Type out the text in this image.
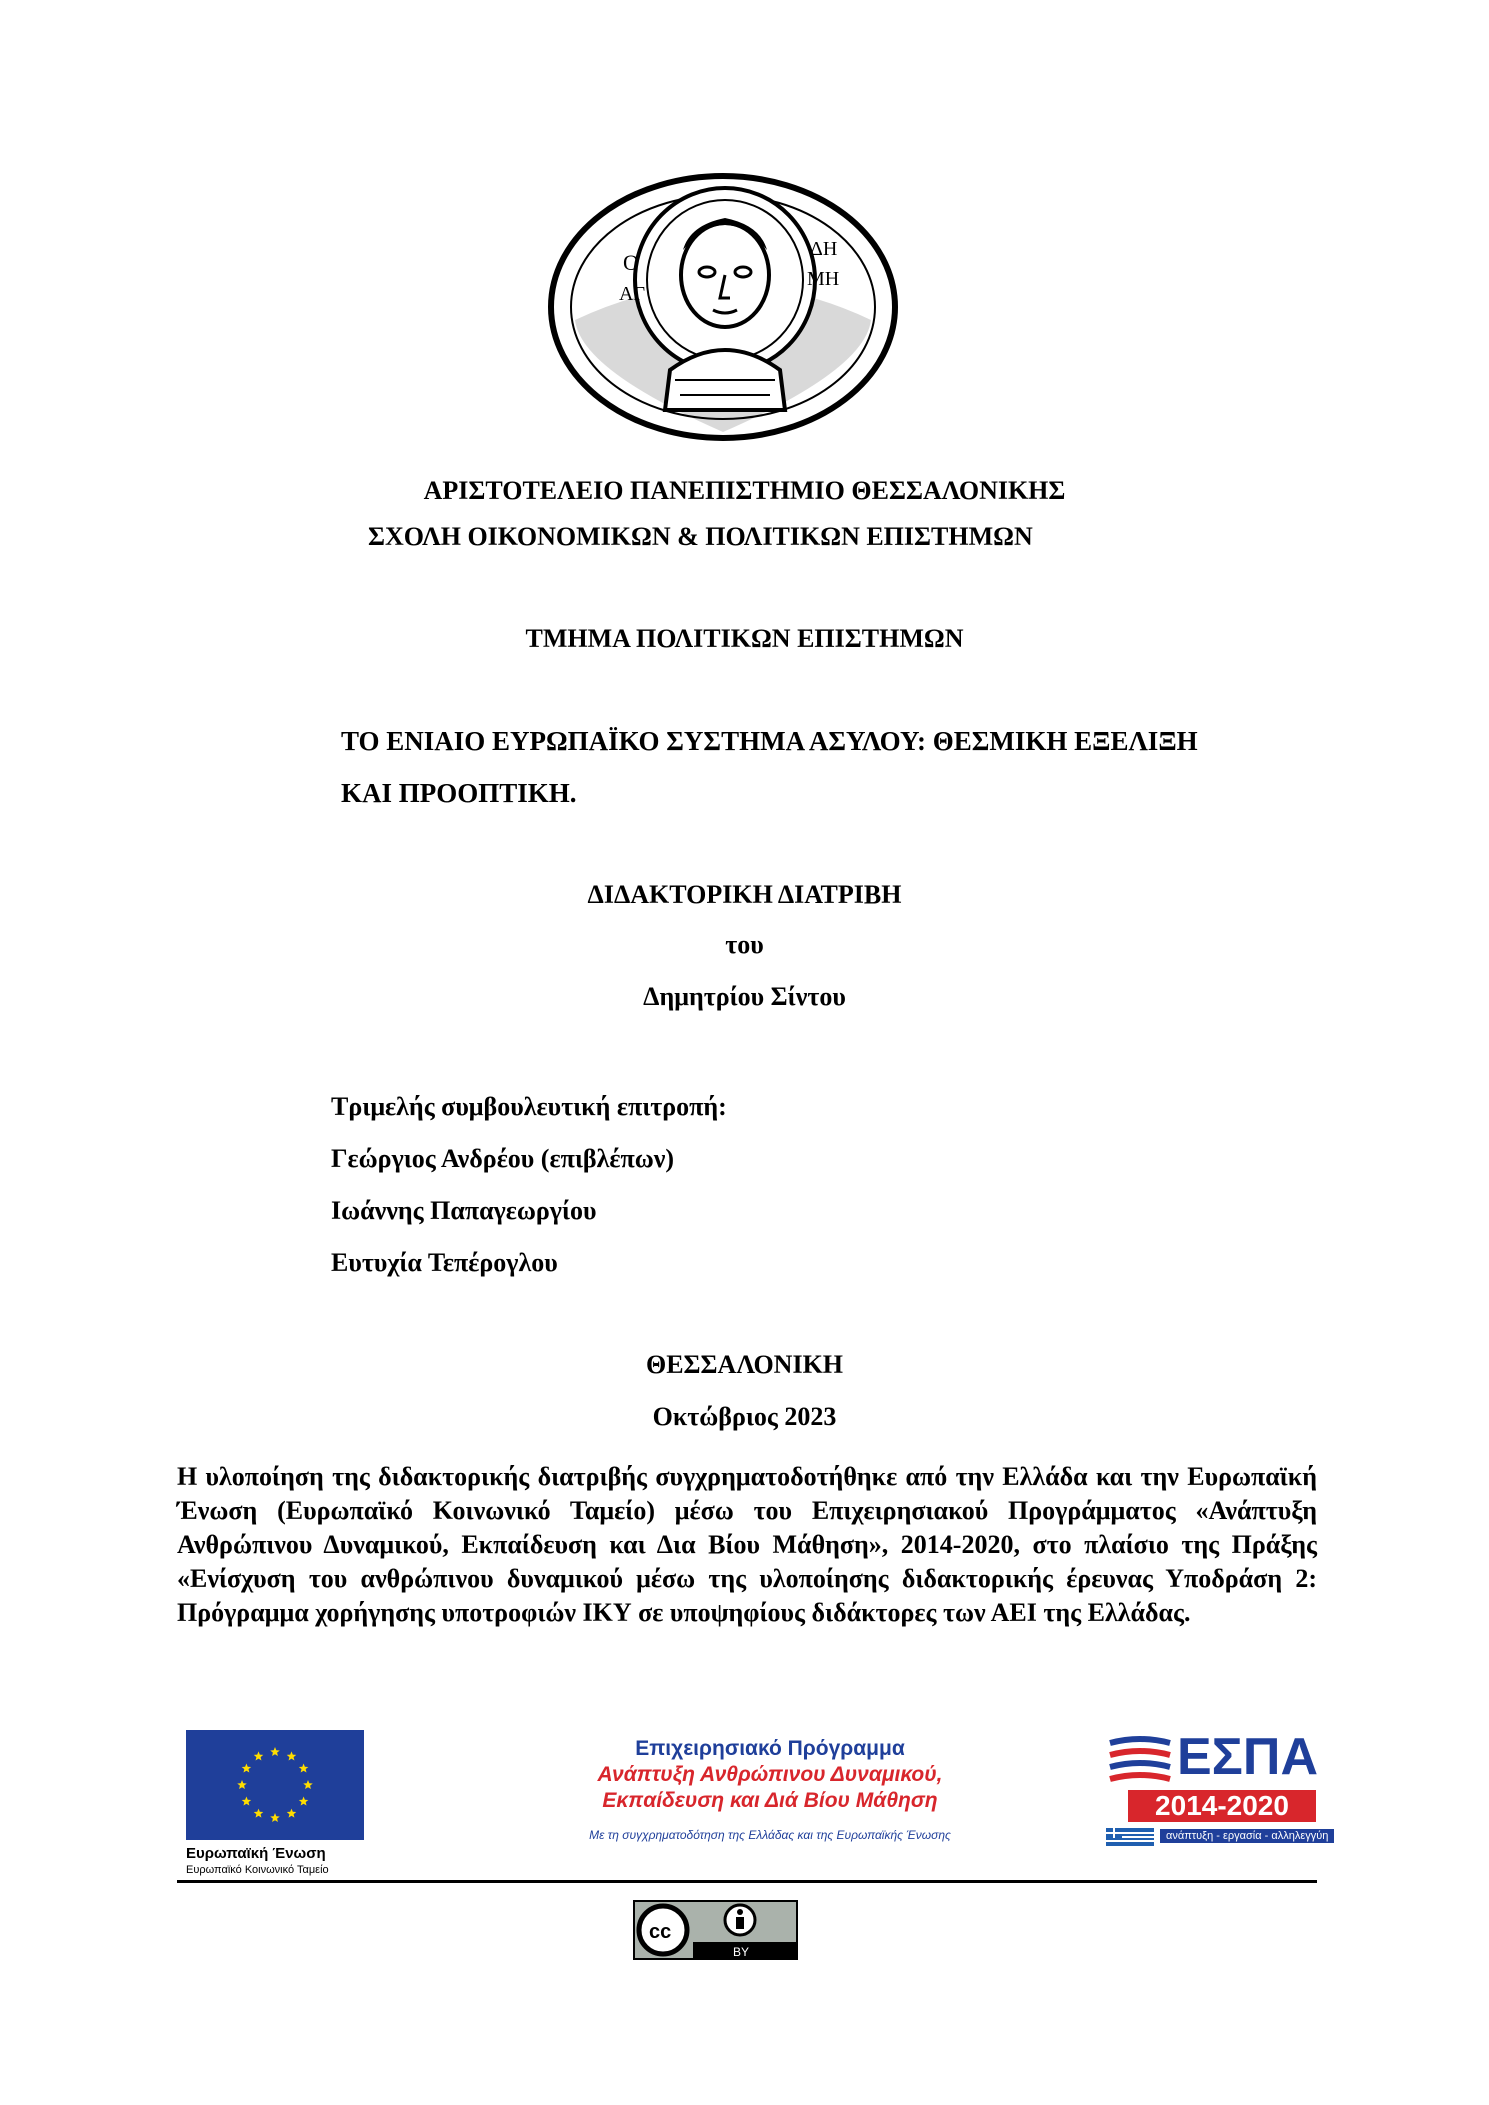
Ο
ΑΓ
ΔΗ
ΜΗ
ΑΡΙΣΤΟΤΕΛΕΙΟ ΠΑΝΕΠΙΣΤΗΜΙΟ ΘΕΣΣΑΛΟΝΙΚΗΣ
ΣΧΟΛΗ ΟΙΚΟΝΟΜΙΚΩΝ & ΠΟΛΙΤΙΚΩΝ ΕΠΙΣΤΗΜΩΝ
ΤΜΗΜΑ ΠΟΛΙΤΙΚΩΝ ΕΠΙΣΤΗΜΩΝ
ΤΟ ΕΝΙΑΙΟ ΕΥΡΩΠΑΪΚΟ ΣΥΣΤΗΜΑ ΑΣΥΛΟΥ: ΘΕΣΜΙΚΗ ΕΞΕΛΙΞΗ
ΚΑΙ ΠΡΟΟΠΤΙΚΗ.
ΔΙΔΑΚΤΟΡΙΚΗ ΔΙΑΤΡΙΒΗ
του
Δημητρίου Σίντου
Τριμελής συμβουλευτική επιτροπή:
Γεώργιος Ανδρέου (επιβλέπων)
Ιωάννης Παπαγεωργίου
Ευτυχία Τεπέρογλου
ΘΕΣΣΑΛΟΝΙΚΗ
Οκτώβριος 2023
Η υλοποίηση της διδακτορικής διατριβής συγχρηματοδοτήθηκε από την Ελλάδα και την Ευρωπαϊκή Ένωση (Ευρωπαϊκό Κοινωνικό Ταμείο) μέσω του Επιχειρησιακού Προγράμματος «Ανάπτυξη Ανθρώπινου Δυναμικού, Εκπαίδευση και Δια Βίου Μάθηση», 2014-2020, στο πλαίσιο της Πράξης «Ενίσχυση του ανθρώπινου δυναμικού μέσω της υλοποίησης διδακτορικής έρευνας Υποδράση 2: Πρόγραμμα χορήγησης υποτροφιών ΙΚΥ σε υποψηφίους διδάκτορες των ΑΕΙ της Ελλάδας.
Ευρωπαϊκή Ένωση
Ευρωπαϊκό Κοινωνικό Ταμείο
Επιχειρησιακό Πρόγραμμα
Ανάπτυξη Ανθρώπινου Δυναμικού,
Εκπαίδευση και Διά Βίου Μάθηση
Με τη συγχρηματοδότηση της Ελλάδας και της Ευρωπαϊκής Ένωσης
ΕΣΠΑ
2014-2020
ανάπτυξη - εργασία - αλληλεγγύη
cc
BY
